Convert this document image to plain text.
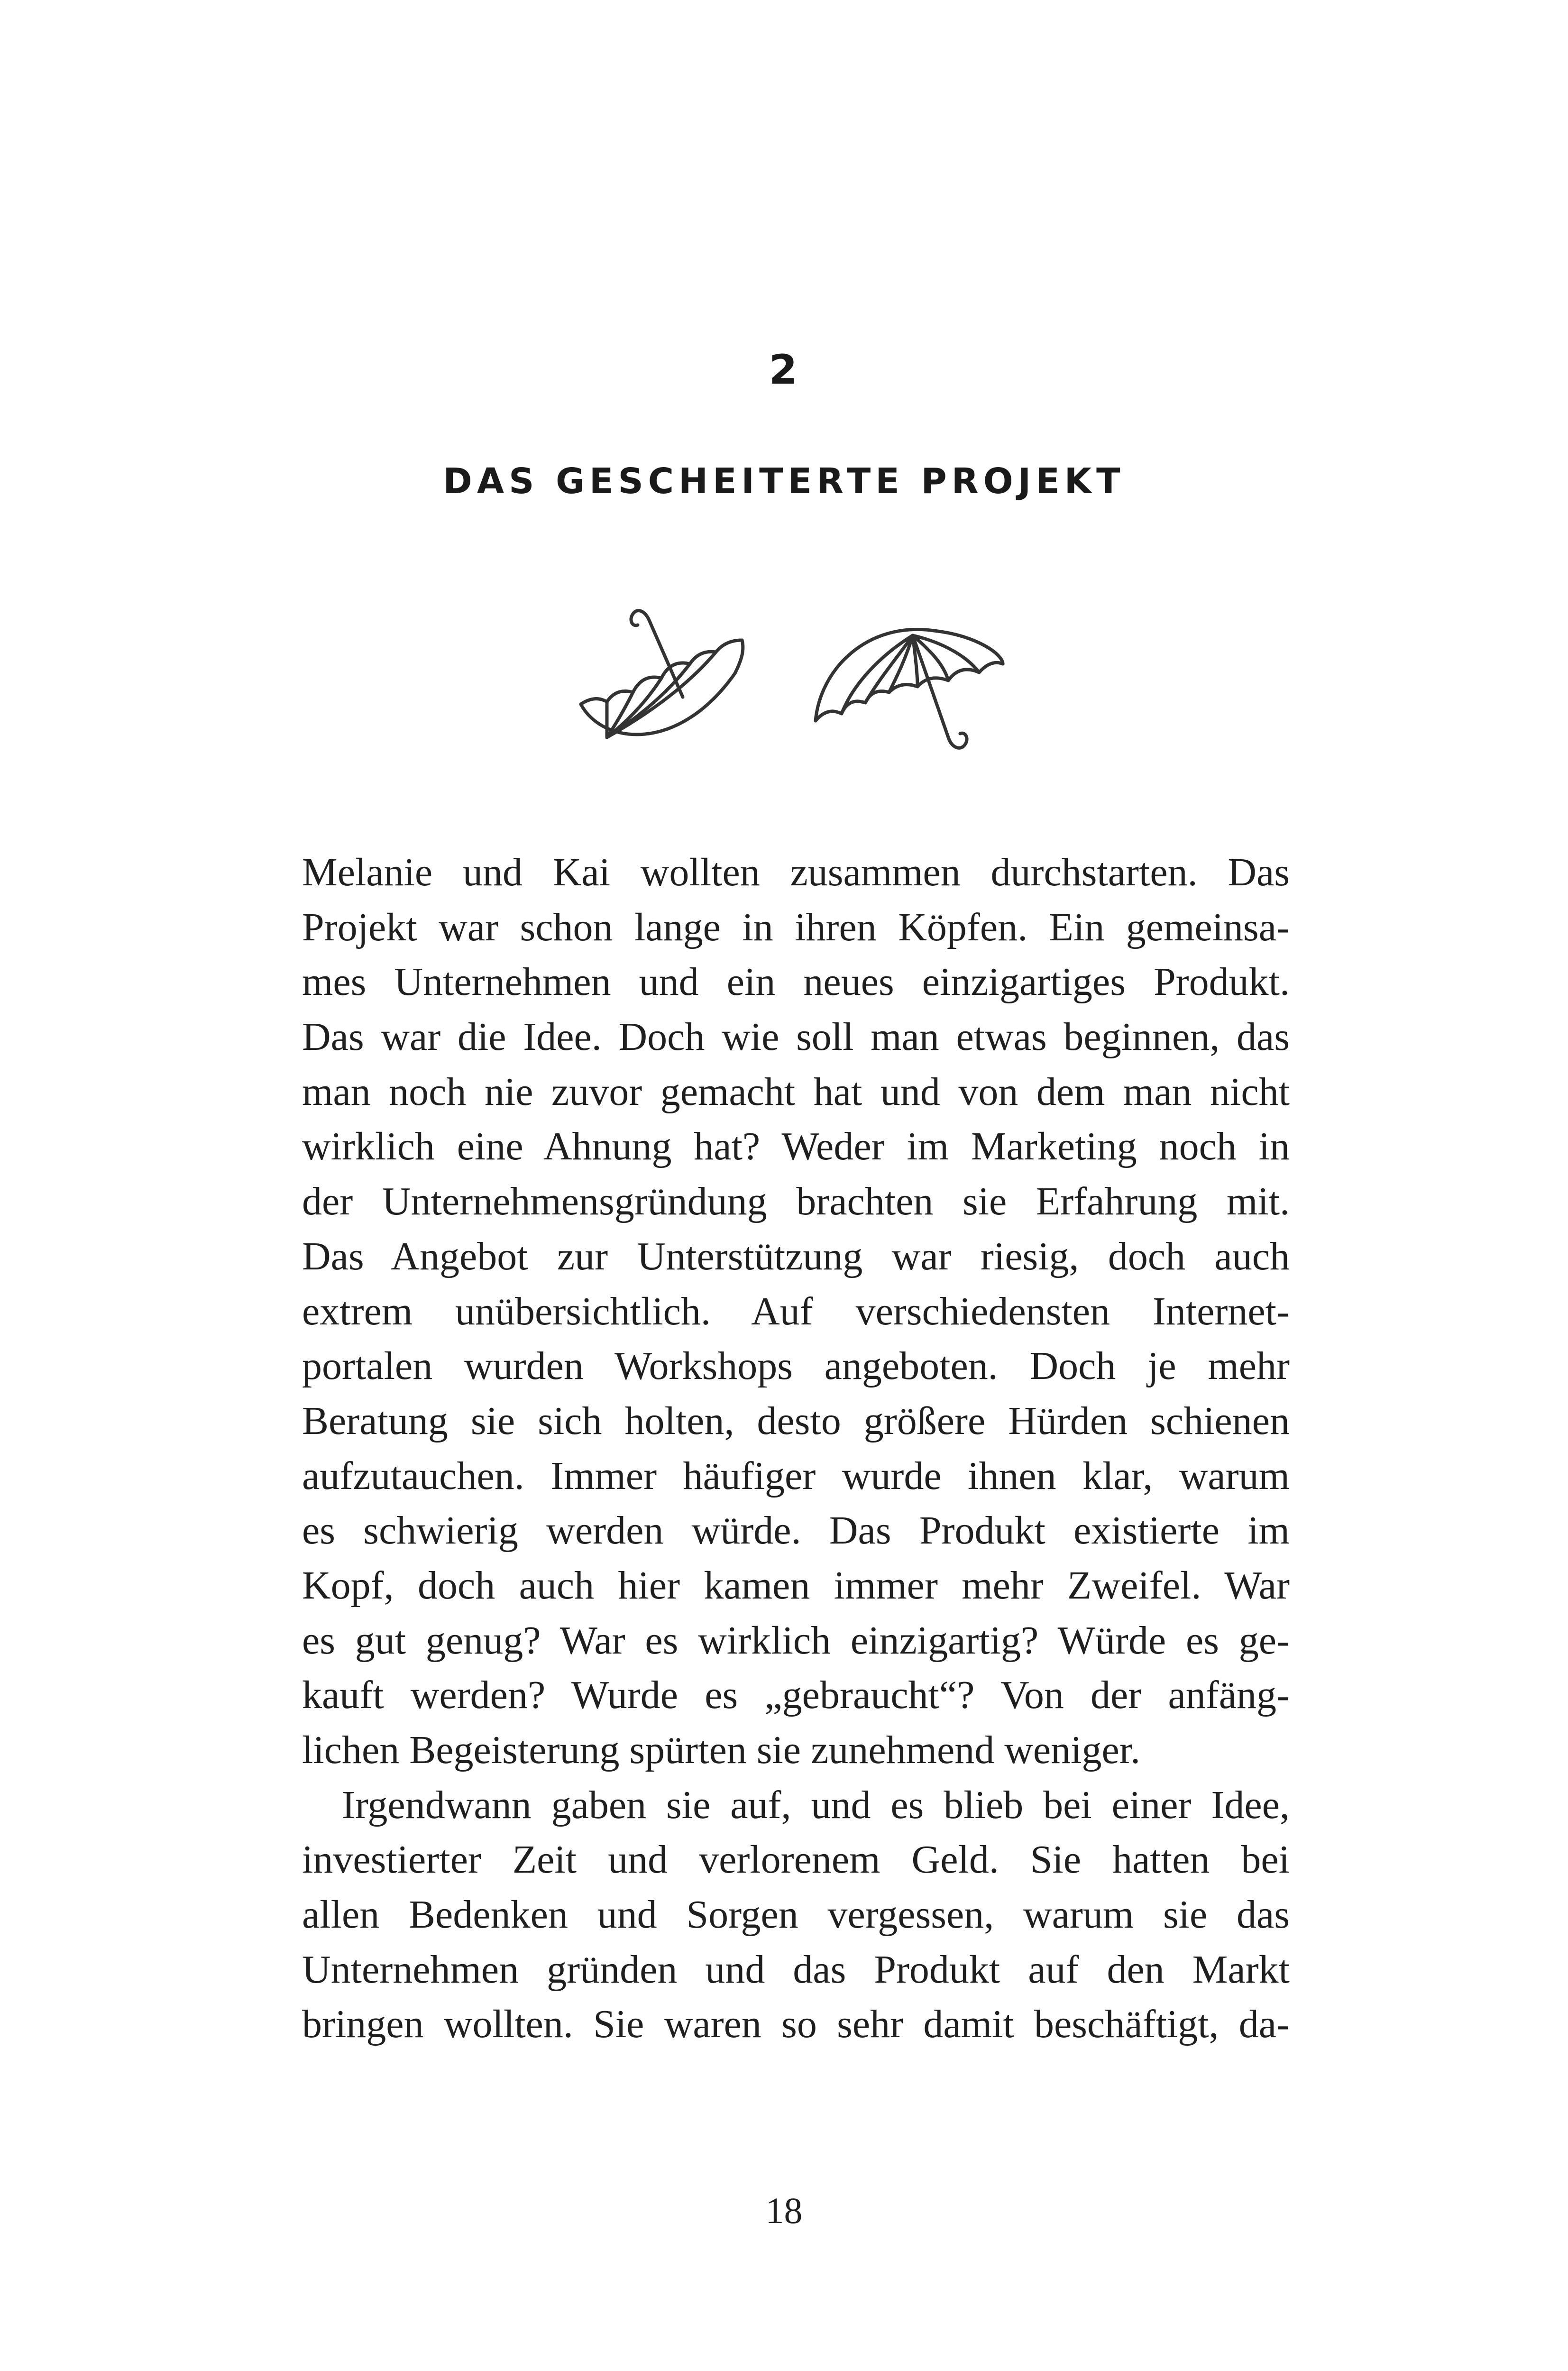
2
DAS GESCHEITERTE PROJEKT
Melanie und Kai wollten zusammen durchstarten. Das
Projekt war schon lange in ihren Köpfen. Ein gemeinsa-
mes Unternehmen und ein neues einzigartiges Produkt.
Das war die Idee. Doch wie soll man etwas beginnen, das
man noch nie zuvor gemacht hat und von dem man nicht
wirklich eine Ahnung hat? Weder im Marketing noch in
der Unternehmensgründung brachten sie Erfahrung mit.
Das Angebot zur Unterstützung war riesig, doch auch
extrem unübersichtlich. Auf verschiedensten Internet-
portalen wurden Workshops angeboten. Doch je mehr
Beratung sie sich holten, desto größere Hürden schienen
aufzutauchen. Immer häufiger wurde ihnen klar, warum
es schwierig werden würde. Das Produkt existierte im
Kopf, doch auch hier kamen immer mehr Zweifel. War
es gut genug? War es wirklich einzigartig? Würde es ge-
kauft werden? Wurde es „gebraucht“? Von der anfäng-
lichen Begeisterung spürten sie zunehmend weniger.
Irgendwann gaben sie auf, und es blieb bei einer Idee,
investierter Zeit und verlorenem Geld. Sie hatten bei
allen Bedenken und Sorgen vergessen, warum sie das
Unternehmen gründen und das Produkt auf den Markt
bringen wollten. Sie waren so sehr damit beschäftigt, da-
18
